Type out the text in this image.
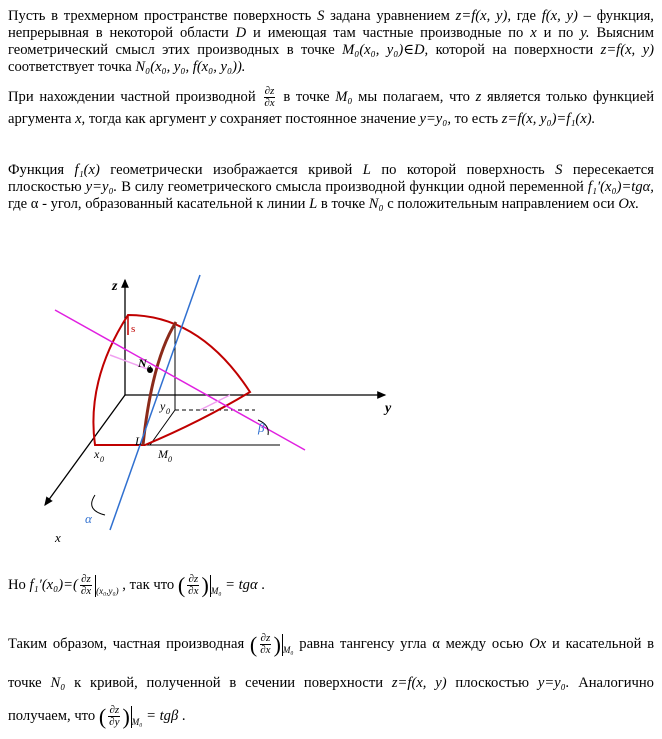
Пусть в трехмерном пространстве поверхность S задана уравнением z=f(x, y), где f(x, y) – функция, непрерывная в некоторой области D и имеющая там частные производные по x и по y. Выясним геометрический смысл этих производных в точке M₀(x₀, y₀)∈D, которой на поверхности z=f(x, y) соответствует точка N₀(x₀, y₀, f(x₀, y₀)).
При нахождении частной производной $\frac{\partial z}{\partial x}$ в точке M₀ мы полагаем, что z является только функцией аргумента x, тогда как аргумент y сохраняет постоянное значение y=y₀, то есть z=f(x, y₀)=f₁(x).
Функция f₁(x) геометрически изображается кривой L по которой поверхность S пересекается плоскостью y=y₀. В силу геометрического смысла производной функции одной переменной f₁′(x₀)=tgα, где α - угол, образованный касательной к линии L в точке N₀ с положительным направлением оси Ox.
z
y
x
s
N 0
y 0
x 0
L
M 0
α
β
Но $f_1'(x_0)=( \frac{\partial z}{\partial x} _{(x_0,y_0)}$ , так что ( $\frac{\partial z}{\partial x}$ ) $_{M_0}$ = tgα .
Таким образом, частная производная ( $\frac{\partial z}{\partial x}$ ) $_{M_0}$ равна тангенсу угла α между осью Ox и касательной в точке N₀ к кривой, полученной в сечении поверхности z=f(x, y) плоскостью y=y₀. Аналогично получаем, что ( $\frac{\partial z}{\partial y}$ ) $_{M_0}$ = tgβ .
